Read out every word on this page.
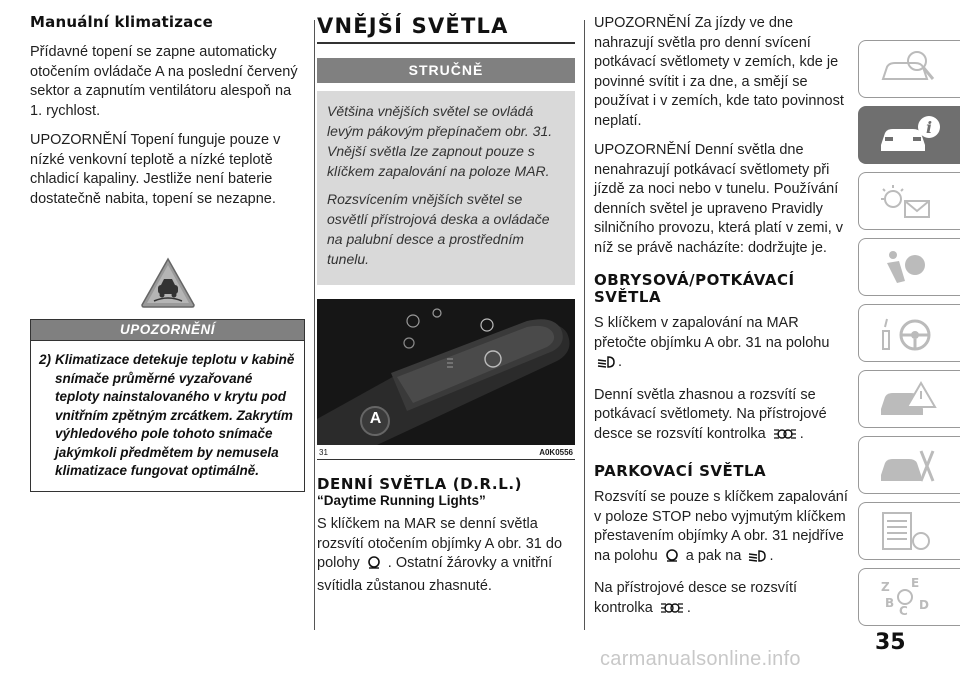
Manuální klimatizace

Přídavné topení se zapne automaticky otočením ovládače A na poslední červený sektor a zapnutím ventilátoru alespoň na 1. rychlost.

UPOZORNĚNÍ Topení funguje pouze v nízké venkovní teplotě a nízké teplotě chladicí kapaliny. Jestliže není baterie dostatečně nabita, topení se nezapne.

UPOZORNĚNÍ
2) Klimatizace detekuje teplotu v kabině snímače průměrné vyzařované teploty nainstalovaného v krytu pod vnitřním zpětným zrcátkem. Zakrytím výhledového pole tohoto snímače jakýmkoli předmětem by nemusela klimatizace fungovat optimálně.
VNĚJŠÍ SVĚTLA
STRUČNĚ

Většina vnějších světel se ovládá levým pákovým přepínačem obr. 31. Vnější světla lze zapnout pouze s klíčkem zapalování na poloze MAR.

Rozsvícením vnějších světel se osvětlí přístrojová deska a ovládače na palubní desce a prostředním tunelu.

A
31	A0K0556
DENNÍ SVĚTLA (D.R.L.)
“Daytime Running Lights”

S klíčkem na MAR se denní světla rozsvítí otočením objímky A obr. 31 do polohy . Ostatní žárovky a vnitřní svítidla zůstanou zhasnuté.

UPOZORNĚNÍ Za jízdy ve dne nahrazují světla pro denní svícení potkávací světlomety v zemích, kde je povinné svítit i za dne, a smějí se používat i v zemích, kde tato povinnost neplatí.

UPOZORNĚNÍ Denní světla dne nenahrazují potkávací světlomety při jízdě za noci nebo v tunelu. Používání denních světel je upraveno Pravidly silničního provozu, která platí v zemi, v níž se právě nacházíte: dodržujte je.

OBRYSOVÁ/POTKÁVACÍ SVĚTLA

S klíčkem v zapalování na MAR přetočte objímku A obr. 31 na polohu .

Denní světla zhasnou a rozsvítí se potkávací světlomety. Na přístrojové desce se rozsvítí kontrolka .

PARKOVACÍ SVĚTLA

Rozsvítí se pouze s klíčkem zapalování v poloze STOP nebo vyjmutým klíčkem přestavením objímky A obr. 31 nejdříve na polohu a pak na .

Na přístrojové desce se rozsvítí kontrolka .

i
Z E
B D
C
35
carmanualsonline.info
